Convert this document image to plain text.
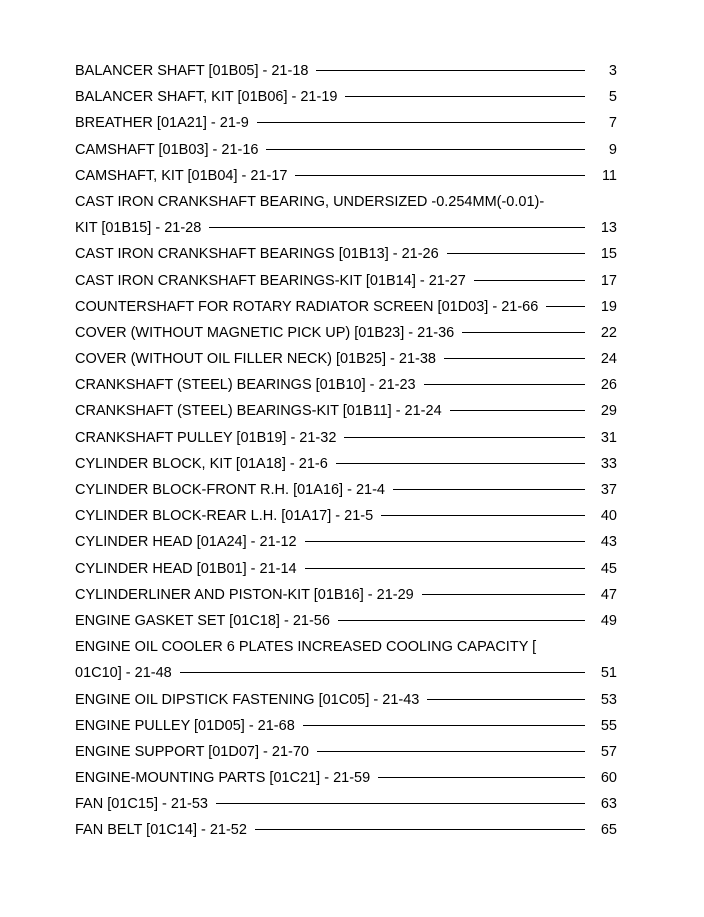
BALANCER SHAFT [01B05] - 21-18	3
BALANCER SHAFT, KIT [01B06] - 21-19	5
BREATHER [01A21] - 21-9	7
CAMSHAFT [01B03] - 21-16	9
CAMSHAFT, KIT [01B04] - 21-17	11
CAST IRON CRANKSHAFT BEARING, UNDERSIZED -0.254MM(-0.01)-
KIT [01B15] - 21-28	13
CAST IRON CRANKSHAFT BEARINGS [01B13] - 21-26	15
CAST IRON CRANKSHAFT BEARINGS-KIT [01B14] - 21-27	17
COUNTERSHAFT FOR ROTARY RADIATOR SCREEN [01D03] - 21-66	19
COVER (WITHOUT MAGNETIC PICK UP) [01B23] - 21-36	22
COVER (WITHOUT OIL FILLER NECK) [01B25] - 21-38	24
CRANKSHAFT (STEEL) BEARINGS [01B10] - 21-23	26
CRANKSHAFT (STEEL) BEARINGS-KIT [01B11] - 21-24	29
CRANKSHAFT PULLEY [01B19] - 21-32	31
CYLINDER BLOCK, KIT [01A18] - 21-6	33
CYLINDER BLOCK-FRONT R.H. [01A16] - 21-4	37
CYLINDER BLOCK-REAR L.H. [01A17] - 21-5	40
CYLINDER HEAD [01A24] - 21-12	43
CYLINDER HEAD [01B01] - 21-14	45
CYLINDERLINER AND PISTON-KIT [01B16] - 21-29	47
ENGINE GASKET SET [01C18] - 21-56	49
ENGINE OIL COOLER 6 PLATES INCREASED COOLING CAPACITY [
01C10] - 21-48	51
ENGINE OIL DIPSTICK FASTENING [01C05] - 21-43	53
ENGINE PULLEY [01D05] - 21-68	55
ENGINE SUPPORT [01D07] - 21-70	57
ENGINE-MOUNTING PARTS [01C21] - 21-59	60
FAN [01C15] - 21-53	63
FAN BELT [01C14] - 21-52	65
